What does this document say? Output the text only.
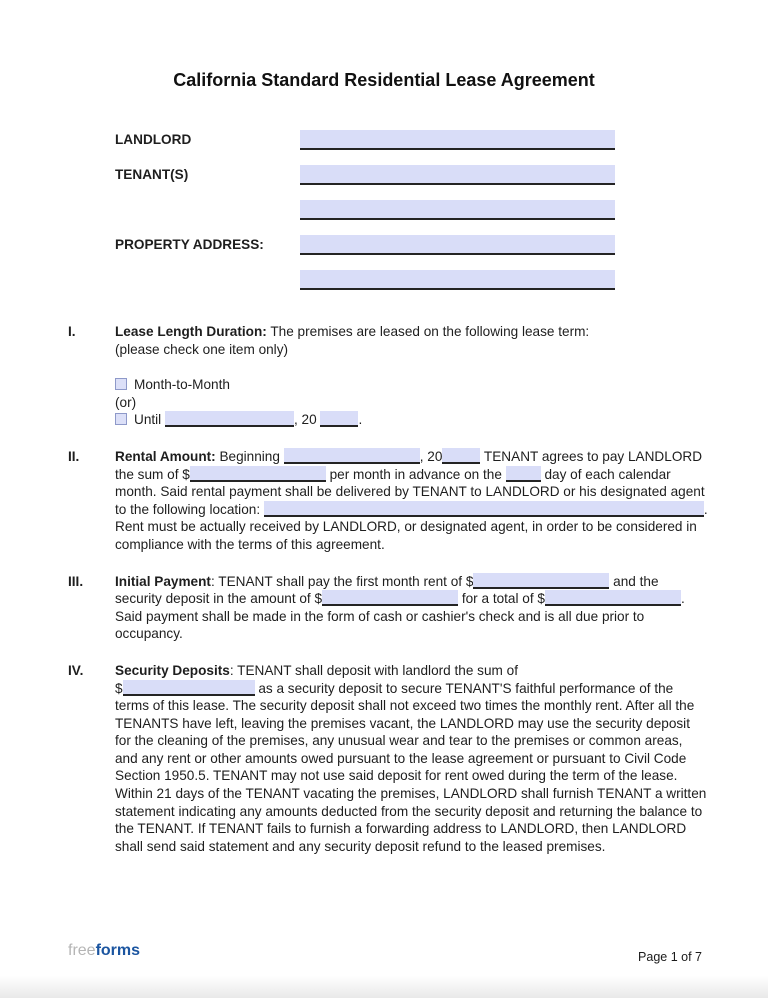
California Standard Residential Lease Agreement
LANDLORD
TENANT(S)
PROPERTY ADDRESS:
I.	Lease Length Duration: The premises are leased on the following lease term:

(please check one item only)

Month-to-Month
(or)
Until	, 20	.
II.	Rental Amount: Beginning	, 20	TENANT agrees to pay LANDLORD the sum of $	per month in advance on the	day of each calendar month. Said rental payment shall be delivered by TENANT to LANDLORD or his designated agent to the following location:	. Rent must be actually received by LANDLORD, or designated agent, in order to be considered in compliance with the terms of this agreement.

III.	Initial Payment: TENANT shall pay the first month rent of $	and the security deposit in the amount of $	for a total of $	. Said payment shall be made in the form of cash or cashier's check and is all due prior to occupancy.

IV.	Security Deposits: TENANT shall deposit with landlord the sum of
$	as a security deposit to secure TENANT'S faithful performance of the terms of this lease. The security deposit shall not exceed two times the monthly rent. After all the TENANTS have left, leaving the premises vacant, the LANDLORD may use the security deposit for the cleaning of the premises, any unusual wear and tear to the premises or common areas, and any rent or other amounts owed pursuant to the lease agreement or pursuant to Civil Code Section 1950.5. TENANT may not use said deposit for rent owed during the term of the lease. Within 21 days of the TENANT vacating the premises, LANDLORD shall furnish TENANT a written statement indicating any amounts deducted from the security deposit and returning the balance to the TENANT. If TENANT fails to furnish a forwarding address to LANDLORD, then LANDLORD shall send said statement and any security deposit refund to the leased premises.

freeforms	Page 1 of 7
